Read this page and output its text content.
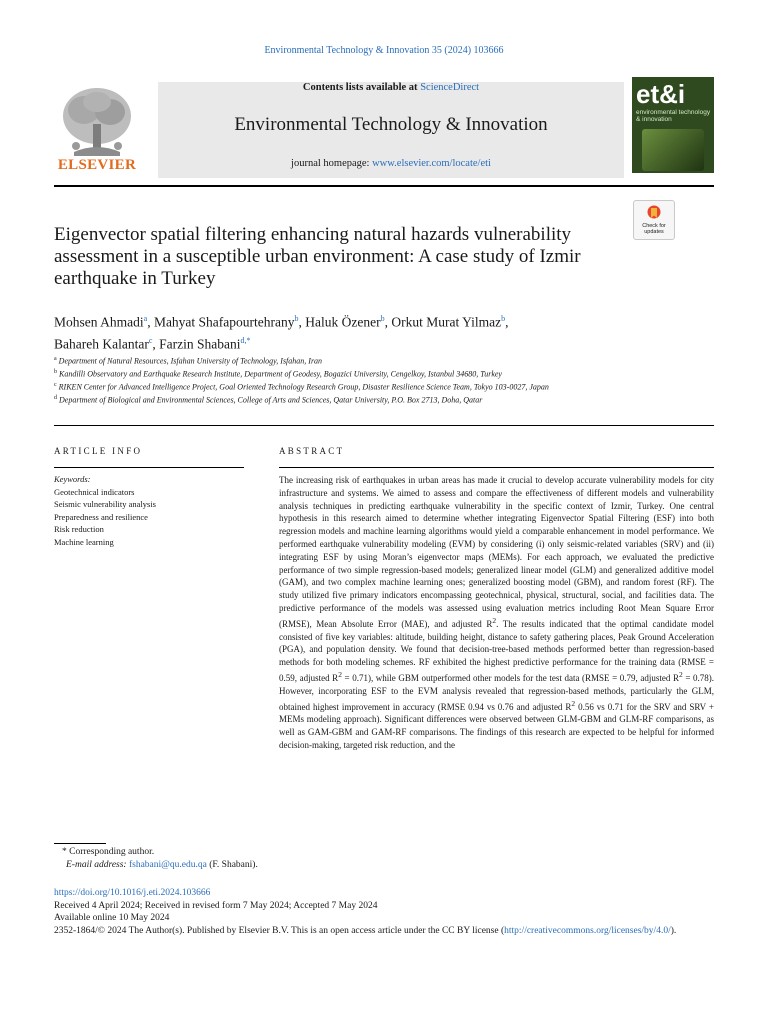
Environmental Technology & Innovation 35 (2024) 103666
Contents lists available at ScienceDirect
Environmental Technology & Innovation
journal homepage: www.elsevier.com/locate/eti
ELSEVIER
et&i
environmental technology & innovation
Check for updates
Eigenvector spatial filtering enhancing natural hazards vulnerability assessment in a susceptible urban environment: A case study of Izmir earthquake in Turkey
Mohsen Ahmadi$^a$, Mahyat Shafapourtehrany$^b$, Haluk Özener$^b$, Orkut Murat Yilmaz$^b$, Bahareh Kalantar$^c$, Farzin Shabani$^{d,*}$
$^a$ Department of Natural Resources, Isfahan University of Technology, Isfahan, Iran
$^b$ Kandilli Observatory and Earthquake Research Institute, Department of Geodesy, Bogazici University, Cengelkoy, Istanbul 34680, Turkey
$^c$ RIKEN Center for Advanced Intelligence Project, Goal Oriented Technology Research Group, Disaster Resilience Science Team, Tokyo 103-0027, Japan
$^d$ Department of Biological and Environmental Sciences, College of Arts and Sciences, Qatar University, P.O. Box 2713, Doha, Qatar
ARTICLE INFO
Keywords:
Geotechnical indicators
Seismic vulnerability analysis
Preparedness and resilience
Risk reduction
Machine learning
ABSTRACT
The increasing risk of earthquakes in urban areas has made it crucial to develop accurate vulnerability models for city infrastructure and systems. We aimed to assess and compare the effectiveness of different models and vulnerability analysis techniques in predicting earthquake vulnerability in the specific context of Izmir, Turkey. One central hypothesis in this research aimed to determine whether integrating Eigenvector Spatial Filtering (ESF) into both regression models and machine learning algorithms would yield a comparable enhancement in model performance. We performed earthquake vulnerability modeling (EVM) by considering (i) only seismic-related variables (SRV) and (ii) integrating ESF by using Moran’s eigenvector maps (MEMs). For each approach, we evaluated the predictive performance of two simple regression-based models; generalized linear model (GLM) and generalized additive model (GAM), and two complex machine learning ones; generalized boosting model (GBM), and random forest (RF). The study utilized five primary indicators encompassing geotechnical, physical, structural, social, and facilities data. The predictive performance of the models was assessed using evaluation metrics including Root Mean Square Error (RMSE), Mean Absolute Error (MAE), and adjusted $R^2$. The results indicated that the optimal candidate model consisted of five key variables: altitude, building height, distance to safety gathering places, Peak Ground Acceleration (PGA), and population density. We found that decision-tree-based methods performed better than regression-based methods for both modeling schemes. RF exhibited the highest predictive performance for the training data (RMSE = 0.59, adjusted $R^2 = 0.71$), while GBM outperformed other models for the test data (RMSE = 0.79, adjusted $R^2 = 0.78$). However, incorporating ESF to the EVM analysis revealed that regression-based methods, particularly the GLM, obtained highest improvement in accuracy (RMSE 0.94 vs 0.76 and adjusted $R^2$ 0.56 vs 0.71 for the SRV and SRV + MEMs modeling approach). Significant differences were observed between GLM-GBM and GLM-RF comparisons, as well as GAM-GBM and GAM-RF comparisons. The findings of this research are expected to be helpful for informed decision-making, targeted risk reduction, and the
* Corresponding author.
E-mail address: fshabani@qu.edu.qa (F. Shabani).
https://doi.org/10.1016/j.eti.2024.103666
Received 4 April 2024; Received in revised form 7 May 2024; Accepted 7 May 2024
Available online 10 May 2024
2352-1864/© 2024 The Author(s). Published by Elsevier B.V. This is an open access article under the CC BY license (http://creativecommons.org/licenses/by/4.0/).
